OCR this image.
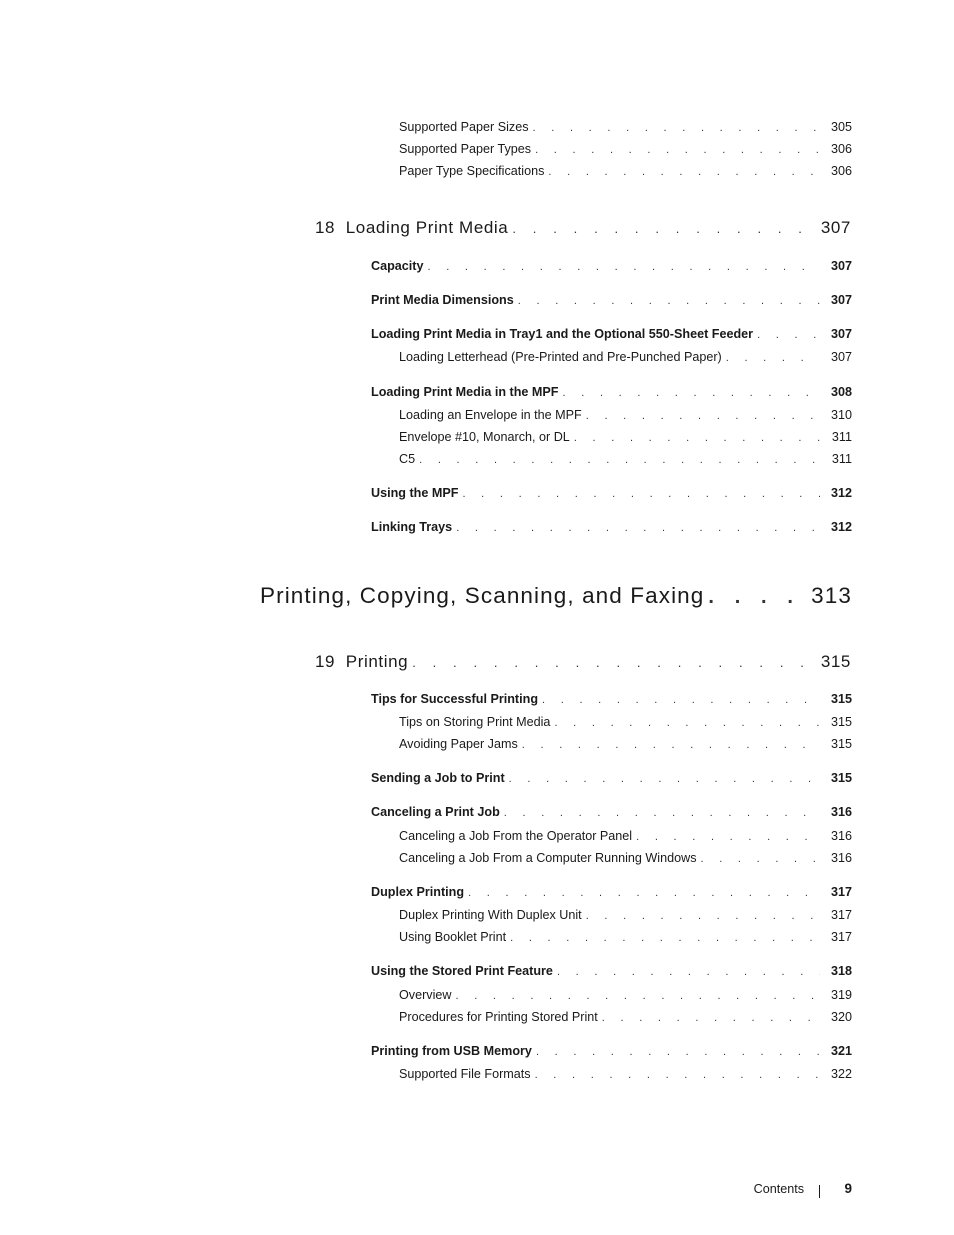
Supported Paper Sizes . . .	305
Supported Paper Types . . .	306
Paper Type Specifications . . .	306
18  Loading Print Media . . .	307
Capacity . . .	307
Print Media Dimensions . . .	307
Loading Print Media in Tray1 and the Optional 550-Sheet Feeder . . .	307
Loading Letterhead (Pre-Printed and Pre-Punched Paper) . . .	307
Loading Print Media in the MPF . . .	308
Loading an Envelope in the MPF . . .	310
Envelope #10, Monarch, or DL . . .	311
C5 . . .	311
Using the MPF . . .	312
Linking Trays . . .	312
Printing, Copying, Scanning, and Faxing . . .	313
19  Printing . . .	315
Tips for Successful Printing . . .	315
Tips on Storing Print Media . . .	315
Avoiding Paper Jams . . .	315
Sending a Job to Print . . .	315
Canceling a Print Job . . .	316
Canceling a Job From the Operator Panel . . .	316
Canceling a Job From a Computer Running Windows . . .	316
Duplex Printing . . .	317
Duplex Printing With Duplex Unit . . .	317
Using Booklet Print . . .	317
Using the Stored Print Feature . . .	318
Overview . . .	319
Procedures for Printing Stored Print . . .	320
Printing from USB Memory . . .	321
Supported File Formats . . .	322
Contents	9
